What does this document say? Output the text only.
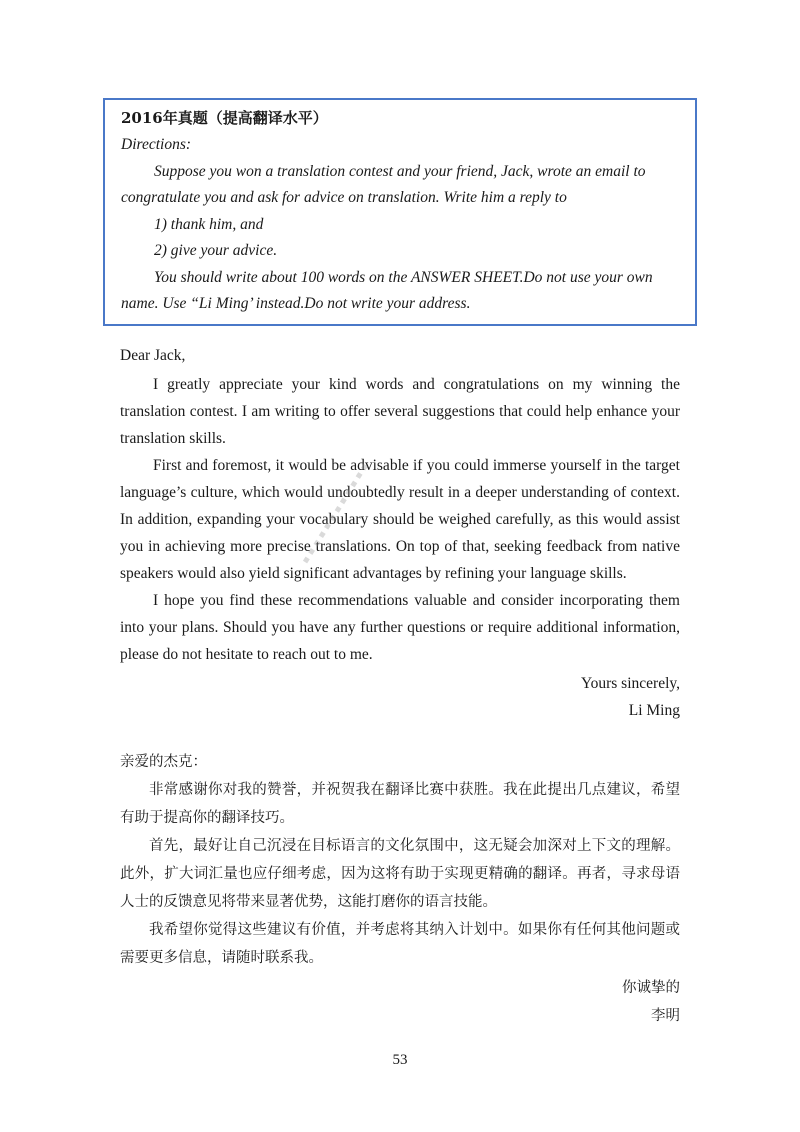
2016年真题（提高翻译水平）
Directions:
Suppose you won a translation contest and your friend, Jack, wrote an email to
congratulate you and ask for advice on translation. Write him a reply to
1) thank him, and
2) give your advice.
You should write about 100 words on the ANSWER SHEET.Do not use your own
name. Use “Li Ming’ instead.Do not write your address.
Dear Jack,

I greatly appreciate your kind words and congratulations on my winning the translation contest. I am writing to offer several suggestions that could help enhance your translation skills.

First and foremost, it would be advisable if you could immerse yourself in the target language’s culture, which would undoubtedly result in a deeper understanding of context. In addition, expanding your vocabulary should be weighed carefully, as this would assist you in achieving more precise translations. On top of that, seeking feedback from native speakers would also yield significant advantages by refining your language skills.

I hope you find these recommendations valuable and consider incorporating them into your plans. Should you have any further questions or require additional information, please do not hesitate to reach out to me.

Yours sincerely,
Li Ming
亲爱的杰克：

非常感谢你对我的赞誉，并祝贺我在翻译比赛中获胜。我在此提出几点建议，希望有助于提高你的翻译技巧。

首先，最好让自己沉浸在目标语言的文化氛围中，这无疑会加深对上下文的理解。此外，扩大词汇量也应仔细考虑，因为这将有助于实现更精确的翻译。再者，寻求母语人士的反馈意见将带来显著优势，这能打磨你的语言技能。

我希望你觉得这些建议有价值，并考虑将其纳入计划中。如果你有任何其他问题或需要更多信息，请随时联系我。

你诚挚的
李明
▪ ▪ ▪ ▪ ▪ ▪ ▪ ▪ ▪ ▪ ▪ ▪
53
